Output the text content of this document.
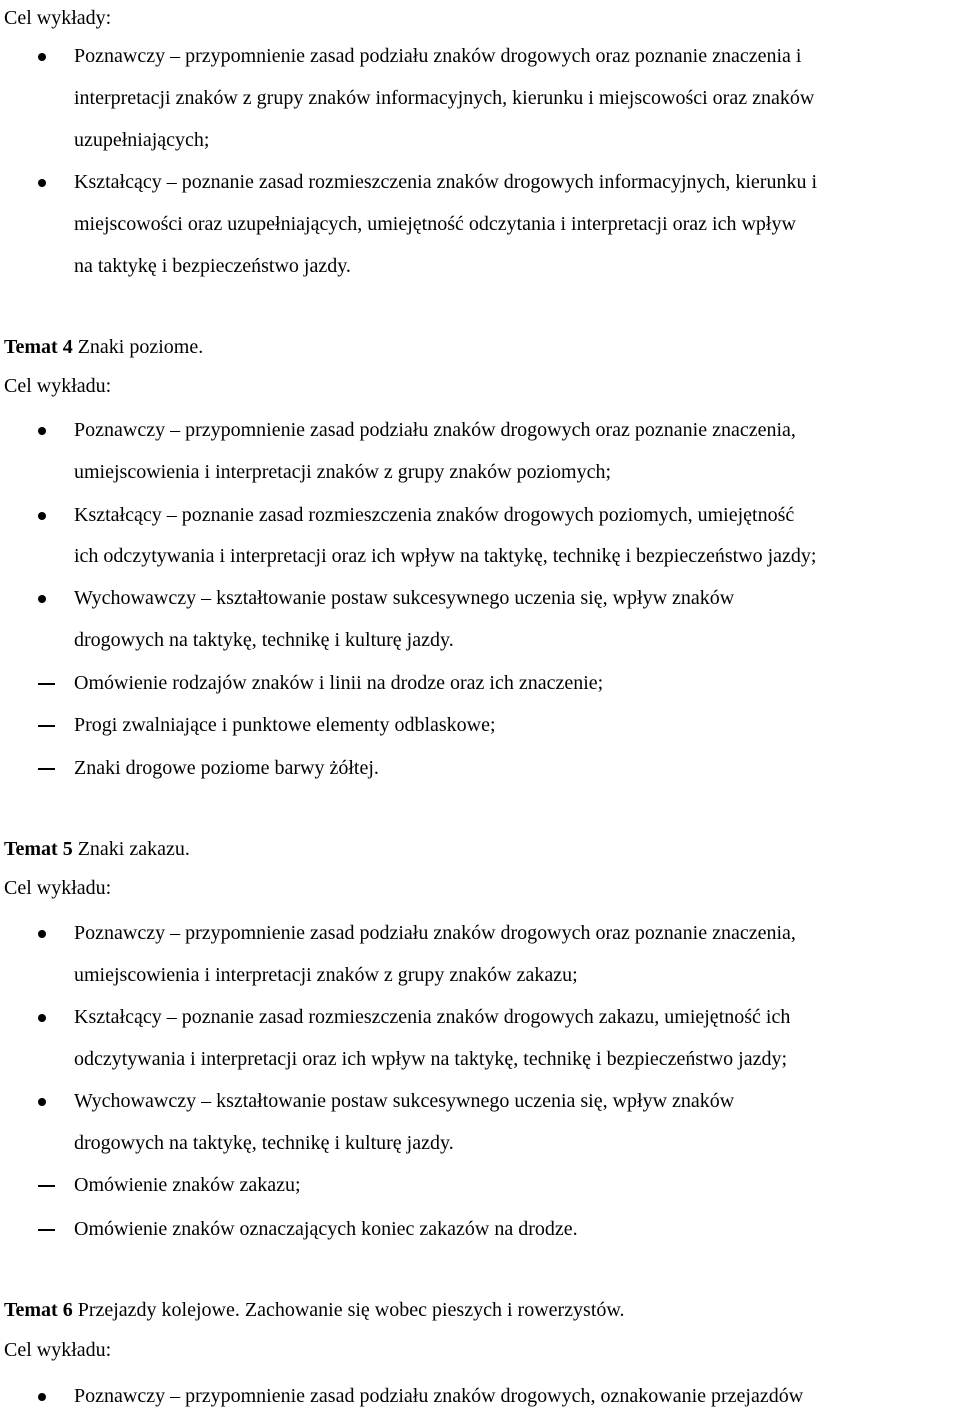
Cel wykłady:
Poznawczy – przypomnienie zasad podziału znaków drogowych oraz poznanie znaczenia i
interpretacji znaków z grupy znaków informacyjnych, kierunku i miejscowości oraz znaków
uzupełniających;
Kształcący – poznanie zasad rozmieszczenia znaków drogowych informacyjnych, kierunku i
miejscowości oraz uzupełniających, umiejętność odczytania i interpretacji oraz ich wpływ
na taktykę i bezpieczeństwo jazdy.
Temat 4 Znaki poziome.
Cel wykładu:
Poznawczy – przypomnienie zasad podziału znaków drogowych oraz poznanie znaczenia,
umiejscowienia i interpretacji znaków z grupy znaków poziomych;
Kształcący – poznanie zasad rozmieszczenia znaków drogowych poziomych, umiejętność
ich odczytywania i interpretacji oraz ich wpływ na taktykę, technikę i bezpieczeństwo jazdy;
Wychowawczy – kształtowanie postaw sukcesywnego uczenia się, wpływ znaków
drogowych na taktykę, technikę i kulturę jazdy.
Omówienie rodzajów znaków i linii na drodze oraz ich znaczenie;
Progi zwalniające i punktowe elementy odblaskowe;
Znaki drogowe poziome barwy żółtej.
Temat 5 Znaki zakazu.
Cel wykładu:
Poznawczy – przypomnienie zasad podziału znaków drogowych oraz poznanie znaczenia,
umiejscowienia i interpretacji znaków z grupy znaków zakazu;
Kształcący – poznanie zasad rozmieszczenia znaków drogowych zakazu, umiejętność ich
odczytywania i interpretacji oraz ich wpływ na taktykę, technikę i bezpieczeństwo jazdy;
Wychowawczy – kształtowanie postaw sukcesywnego uczenia się, wpływ znaków
drogowych na taktykę, technikę i kulturę jazdy.
Omówienie znaków zakazu;
Omówienie znaków oznaczających koniec zakazów na drodze.
Temat 6 Przejazdy kolejowe. Zachowanie się wobec pieszych i rowerzystów.
Cel wykładu:
Poznawczy – przypomnienie zasad podziału znaków drogowych, oznakowanie przejazdów
